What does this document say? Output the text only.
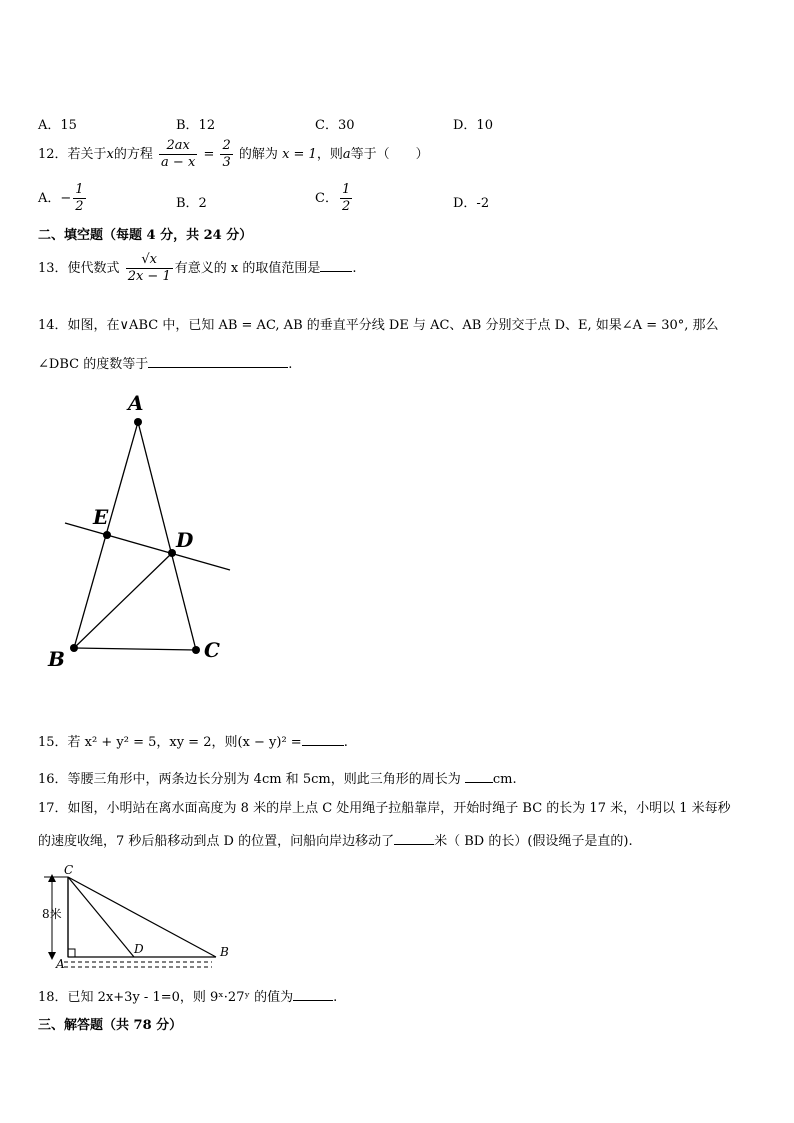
A．15	B．12	C．30	D．10
12．若关于x的方程 $\frac{2ax}{a - x} = \frac{2}{3}$ 的解为 x = 1，则a等于（　　）
A．− $\frac{1}{2}$	B．2	C． $\frac{1}{2}$	D．-2
二、填空题（每题 4 分，共 24 分）
13．使代数式 $\frac{√x}{2x - 1}$ 有意义的 x 的取值范围是 .
14．如图，在∨ABC 中，已知 AB = AC, AB 的垂直平分线 DE 与 AC、AB 分别交于点 D、E, 如果∠A = 30°, 那么
∠DBC 的度数等于	.
A
E
D
B	C
15．若 x² + y² = 5，xy = 2，则(x − y)² =	.
16．等腰三角形中，两条边长分别为 4cm 和 5cm，则此三角形的周长为 cm.
17．如图，小明站在离水面高度为 8 米的岸上点 C 处用绳子拉船靠岸，开始时绳子 BC 的长为 17 米，小明以 1 米每秒
的速度收绳，7 秒后船移动到点 D 的位置，问船向岸边移动了	米（ BD 的长）(假设绳子是直的).
8米
C
D
A
B
18．已知 2x+3y - 1=0，则 9ˣ·27ʸ 的值为	.
三、解答题（共 78 分）
